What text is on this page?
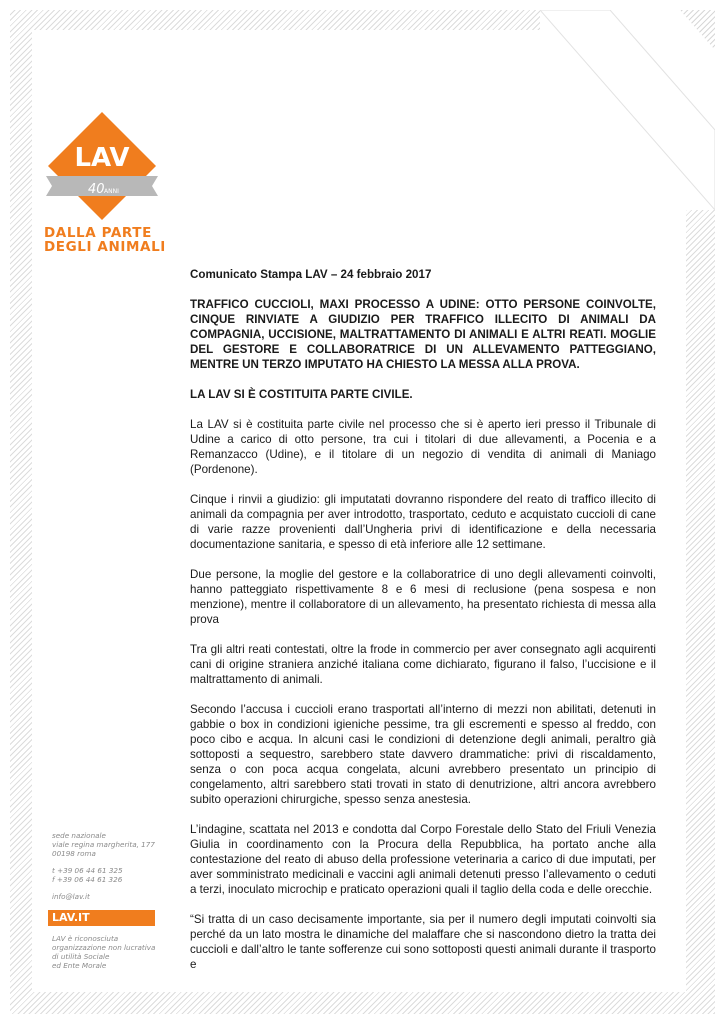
LAV
40 ANNI
DALLA PARTE
DEGLI ANIMALI

Comunicato Stampa LAV – 24 febbraio 2017

TRAFFICO CUCCIOLI, MAXI PROCESSO A UDINE: OTTO PERSONE COINVOLTE, CINQUE RINVIATE A GIUDIZIO PER TRAFFICO ILLECITO DI ANIMALI DA COMPAGNIA, UCCISIONE, MALTRATTAMENTO DI ANIMALI E ALTRI REATI. MOGLIE DEL GESTORE E COLLABORATRICE DI UN ALLEVAMENTO PATTEGGIANO, MENTRE UN TERZO IMPUTATO HA CHIESTO LA MESSA ALLA PROVA.

LA LAV SI È COSTITUITA PARTE CIVILE.

La LAV si è costituita parte civile nel processo che si è aperto ieri presso il Tribunale di Udine a carico di otto persone, tra cui i titolari di due allevamenti, a Pocenia e a Remanzacco (Udine), e il titolare di un negozio di vendita di animali di Maniago (Pordenone).

Cinque i rinvii a giudizio: gli imputatati dovranno rispondere del reato di traffico illecito di animali da compagnia per aver introdotto, trasportato, ceduto e acquistato cuccioli di cane di varie razze provenienti dall’Ungheria privi di identificazione e della necessaria documentazione sanitaria, e spesso di età inferiore alle 12 settimane.

Due persone, la moglie del gestore e la collaboratrice di uno degli allevamenti coinvolti, hanno patteggiato rispettivamente 8 e 6 mesi di reclusione (pena sospesa e non menzione), mentre il collaboratore di un allevamento, ha presentato richiesta di messa alla prova

Tra gli altri reati contestati, oltre la frode in commercio per aver consegnato agli acquirenti cani di origine straniera anziché italiana come dichiarato, figurano il falso, l’uccisione e il maltrattamento di animali.

Secondo l’accusa i cuccioli erano trasportati all’interno di mezzi non abilitati, detenuti in gabbie o box in condizioni igieniche pessime, tra gli escrementi e spesso al freddo, con poco cibo e acqua. In alcuni casi le condizioni di detenzione degli animali, peraltro già sottoposti a sequestro, sarebbero state davvero drammatiche: privi di riscaldamento, senza o con poca acqua congelata, alcuni avrebbero presentato un principio di congelamento, altri sarebbero stati trovati in stato di denutrizione, altri ancora avrebbero subito operazioni chirurgiche, spesso senza anestesia.

L’indagine, scattata nel 2013 e condotta dal Corpo Forestale dello Stato del Friuli Venezia Giulia in coordinamento con la Procura della Repubblica, ha portato anche alla contestazione del reato di abuso della professione veterinaria a carico di due imputati, per aver somministrato medicinali e vaccini agli animali detenuti presso l’allevamento o ceduti a terzi, inoculato microchip e praticato operazioni quali il taglio della coda e delle orecchie.

“Si tratta di un caso decisamente importante, sia per il numero degli imputati coinvolti sia perché da un lato mostra le dinamiche del malaffare che si nascondono dietro la tratta dei cuccioli e dall’altro le tante sofferenze cui sono sottoposti questi animali durante il trasporto e

sede nazionale
viale regina margherita, 177
00198 roma
t +39 06 44 61 325
f +39 06 44 61 326
info@lav.it
LAV.IT
LAV è riconosciuta
organizzazione non lucrativa
di utilità Sociale
ed Ente Morale
